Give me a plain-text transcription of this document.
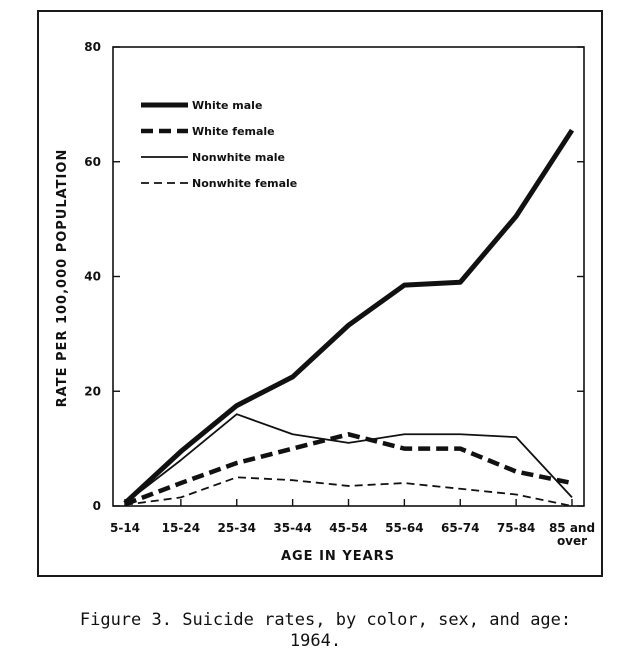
0
20
40
60
80
5-14 15-24 25-34 35-44 45-54 55-64 65-74 75-84 85 and
over
White male
White female
Nonwhite male
Nonwhite female
RATE PER 100,000 POPULATION
AGE IN YEARS
Figure 3. Suicide rates, by color, sex, and age:
1964.
